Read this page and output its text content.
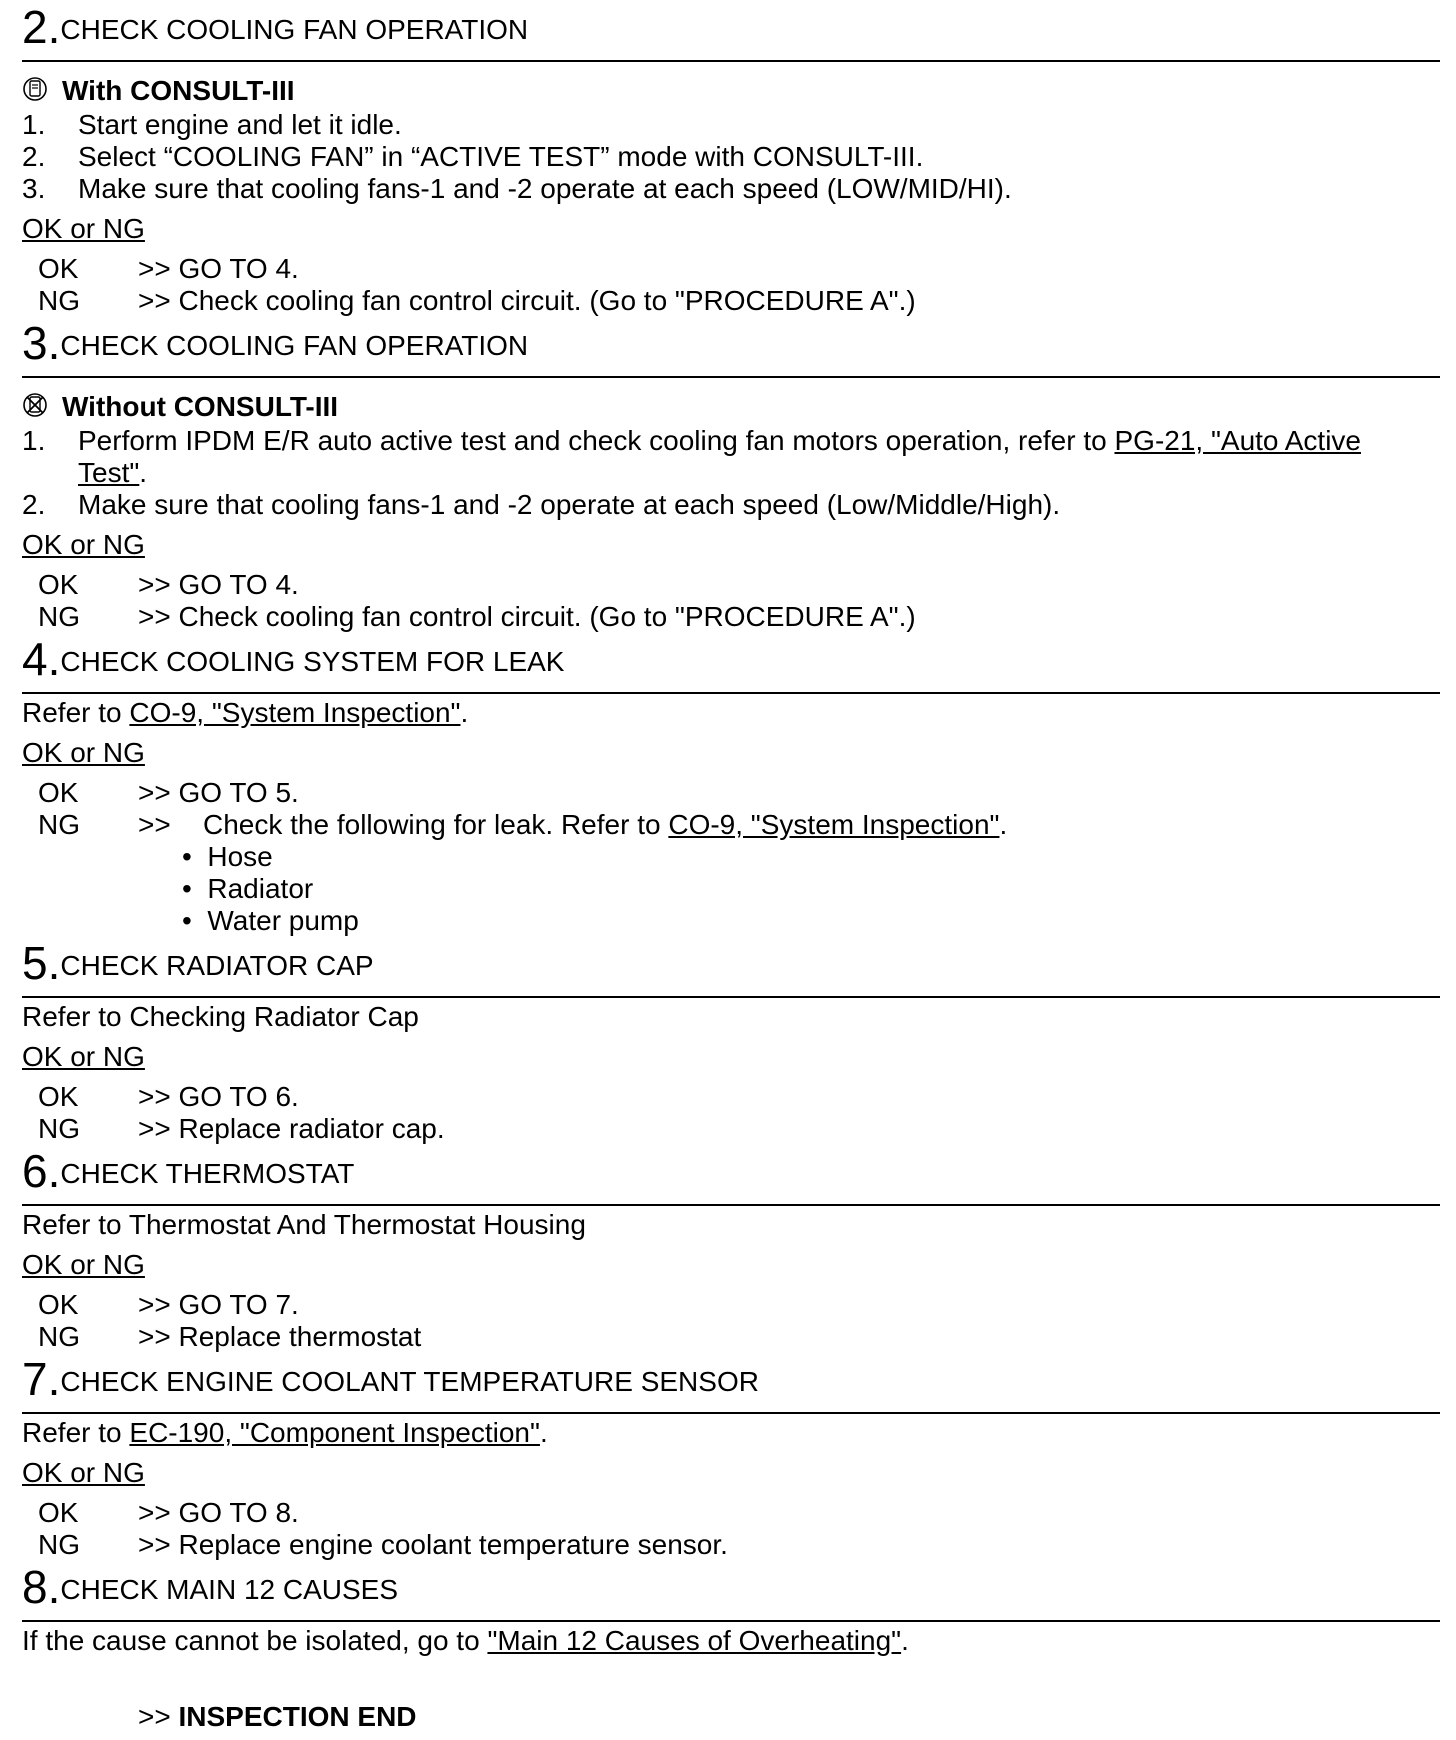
2.CHECK COOLING FAN OPERATION
With CONSULT-III
1. Start engine and let it idle.
2. Select “COOLING FAN” in “ACTIVE TEST” mode with CONSULT-III.
3. Make sure that cooling fans-1 and -2 operate at each speed (LOW/MID/HI).
OK or NG
OK >> GO TO 4.
NG >> Check cooling fan control circuit. (Go to "PROCEDURE A".)
3.CHECK COOLING FAN OPERATION
Without CONSULT-III
1. Perform IPDM E/R auto active test and check cooling fan motors operation, refer to PG-21, "Auto Active
Test".
2. Make sure that cooling fans-1 and -2 operate at each speed (Low/Middle/High).
OK or NG
OK >> GO TO 4.
NG >> Check cooling fan control circuit. (Go to "PROCEDURE A".)
4.CHECK COOLING SYSTEM FOR LEAK
Refer to CO-9, "System Inspection".
OK or NG
OK >> GO TO 5.
NG >> Check the following for leak. Refer to CO-9, "System Inspection".
• Hose
• Radiator
• Water pump
5.CHECK RADIATOR CAP
Refer to Checking Radiator Cap
OK or NG
OK >> GO TO 6.
NG >> Replace radiator cap.
6.CHECK THERMOSTAT
Refer to Thermostat And Thermostat Housing
OK or NG
OK >> GO TO 7.
NG >> Replace thermostat
7.CHECK ENGINE COOLANT TEMPERATURE SENSOR
Refer to EC-190, "Component Inspection".
OK or NG
OK >> GO TO 8.
NG >> Replace engine coolant temperature sensor.
8.CHECK MAIN 12 CAUSES
If the cause cannot be isolated, go to "Main 12 Causes of Overheating".
>> INSPECTION END
